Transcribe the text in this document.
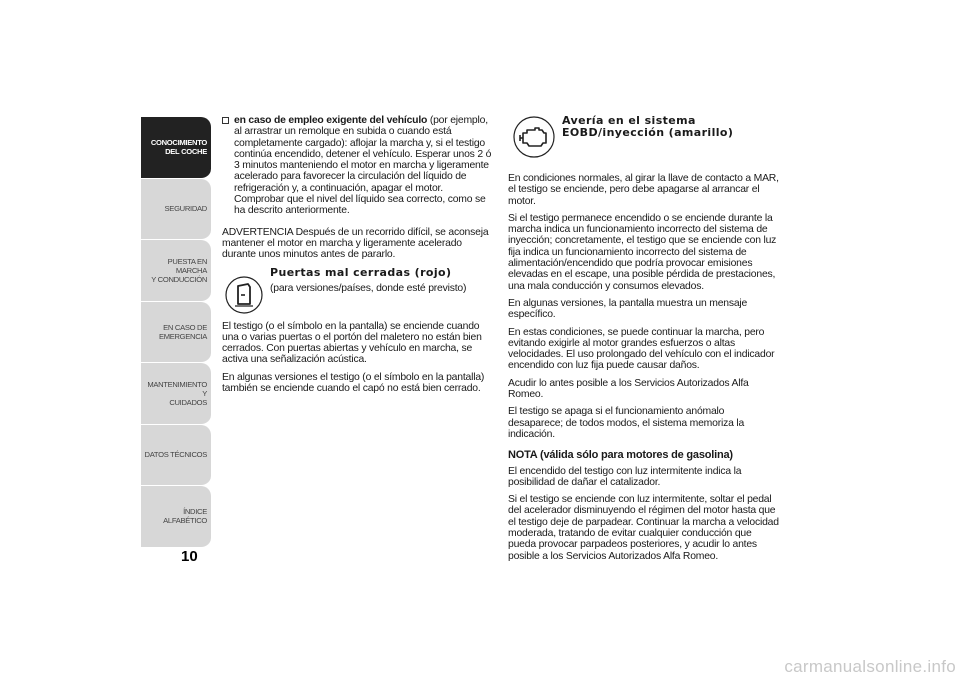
CONOCIMIENTO
DEL COCHE
SEGURIDAD
PUESTA EN MARCHA
Y CONDUCCIÓN
EN CASO DE
EMERGENCIA
MANTENIMIENTO Y
CUIDADOS
DATOS TÉCNICOS
ÍNDICE ALFABÉTICO
10
en caso de empleo exigente del vehículo (por ejemplo, al arrastrar un remolque en subida o cuando está completamente cargado): aflojar la marcha y, si el testigo continúa encendido, detener el vehículo. Esperar unos 2 ó 3 minutos manteniendo el motor en marcha y ligeramente acelerado para favorecer la circulación del líquido de refrigeración y, a continuación, apagar el motor. Comprobar que el nivel del líquido sea correcto, como se ha descrito anteriormente.

ADVERTENCIA Después de un recorrido difícil, se aconseja mantener el motor en marcha y ligeramente acelerado durante unos minutos antes de pararlo.

Puertas mal cerradas (rojo)
(para versiones/países, donde esté previsto)

El testigo (o el símbolo en la pantalla) se enciende cuando una o varias puertas o el portón del maletero no están bien cerrados. Con puertas abiertas y vehículo en marcha, se activa una señalización acústica.

En algunas versiones el testigo (o el símbolo en la pantalla) también se enciende cuando el capó no está bien cerrado.

Avería en el sistema
EOBD/inyección (amarillo)

En condiciones normales, al girar la llave de contacto a MAR, el testigo se enciende, pero debe apagarse al arrancar el motor.

Si el testigo permanece encendido o se enciende durante la marcha indica un funcionamiento incorrecto del sistema de inyección; concretamente, el testigo que se enciende con luz fija indica un funcionamiento incorrecto del sistema de alimentación/encendido que podría provocar emisiones elevadas en el escape, una posible pérdida de prestaciones, una mala conducción y consumos elevados.

En algunas versiones, la pantalla muestra un mensaje específico.

En estas condiciones, se puede continuar la marcha, pero evitando exigirle al motor grandes esfuerzos o altas velocidades. El uso prolongado del vehículo con el indicador encendido con luz fija puede causar daños.

Acudir lo antes posible a los Servicios Autorizados Alfa Romeo.

El testigo se apaga si el funcionamiento anómalo desaparece; de todos modos, el sistema memoriza la indicación.

NOTA (válida sólo para motores de gasolina)

El encendido del testigo con luz intermitente indica la posibilidad de dañar el catalizador.

Si el testigo se enciende con luz intermitente, soltar el pedal del acelerador disminuyendo el régimen del motor hasta que el testigo deje de parpadear. Continuar la marcha a velocidad moderada, tratando de evitar cualquier conducción que pueda provocar parpadeos posteriores, y acudir lo antes posible a los Servicios Autorizados Alfa Romeo.

carmanualsonline.info
